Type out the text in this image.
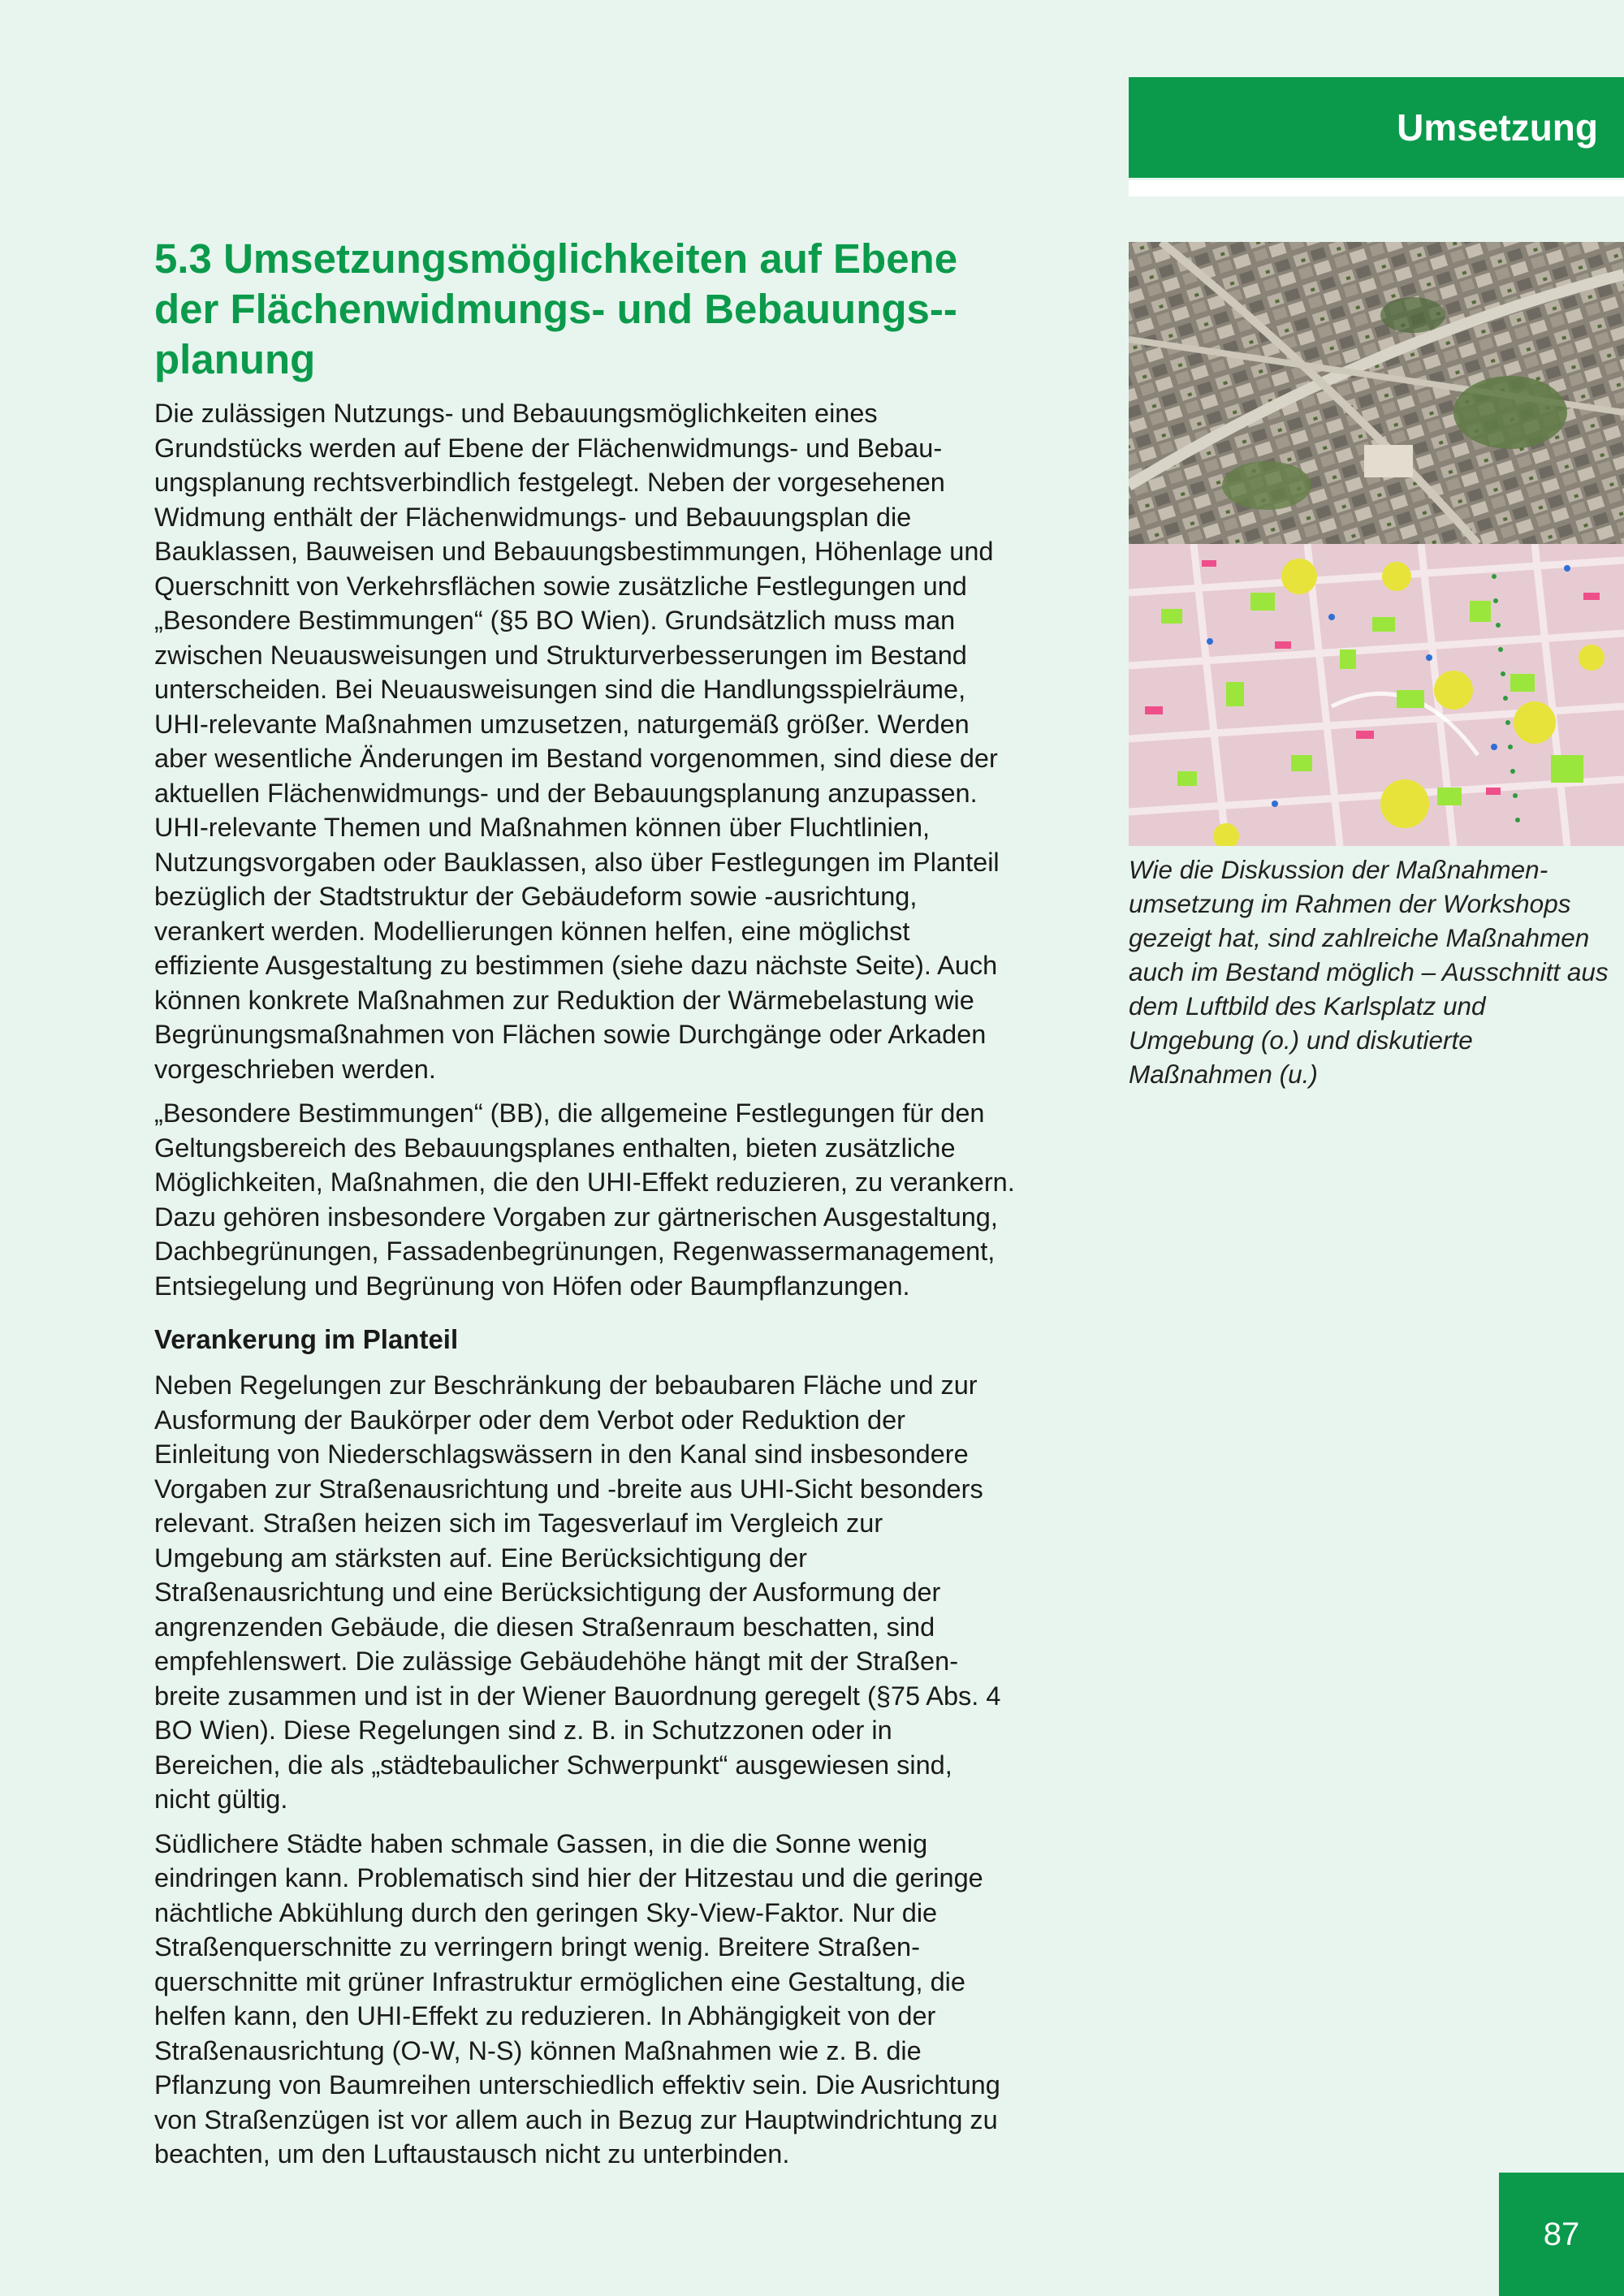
Umsetzung
5.3 Umsetzungsmöglichkeiten auf Ebene der Flächenwidmungs- und Bebauungs-planung

Die zulässigen Nutzungs- und Bebauungsmöglichkeiten eines Grundstücks werden auf Ebene der Flächenwidmungs- und Bebauungsplanung rechtsverbindlich festgelegt. Neben der vorgesehenen Widmung enthält der Flächenwidmungs- und Bebauungsplan die Bauklassen, Bauweisen und Bebauungsbestimmungen, Höhenlage und Querschnitt von Verkehrsflächen sowie zusätzliche Festlegungen und „Besondere Bestimmungen“ (§5 BO Wien). Grundsätzlich muss man zwischen Neuausweisungen und Strukturverbesserungen im Bestand unterscheiden. Bei Neuausweisungen sind die Handlungsspielräume, UHI-relevante Maßnahmen umzusetzen, naturgemäß größer. Werden aber wesentliche Änderungen im Bestand vorgenommen, sind diese der aktuellen Flächenwidmungs- und der Bebauungsplanung anzupassen. UHI-relevante Themen und Maßnahmen können über Fluchtlinien, Nutzungsvorgaben oder Bauklassen, also über Festlegungen im Planteil bezüglich der Stadtstruktur der Gebäudeform sowie -ausrichtung, verankert werden. Modellierungen können helfen, eine möglichst effiziente Ausgestaltung zu bestimmen (siehe dazu nächste Seite). Auch können konkrete Maßnahmen zur Reduktion der Wärmebelastung wie Begrünungsmaßnahmen von Flächen sowie Durchgänge oder Arkaden vorgeschrieben werden.

„Besondere Bestimmungen“ (BB), die allgemeine Festlegungen für den Geltungsbereich des Bebauungsplanes enthalten, bieten zusätzliche Möglichkeiten, Maßnahmen, die den UHI-Effekt reduzieren, zu verankern. Dazu gehören insbesondere Vorgaben zur gärtnerischen Ausgestaltung, Dachbegrünungen, Fassadenbegrünungen, Regenwassermanagement, Entsiegelung und Begrünung von Höfen oder Baumpflanzungen.

Verankerung im Planteil

Neben Regelungen zur Beschränkung der bebaubaren Fläche und zur Ausformung der Baukörper oder dem Verbot oder Reduktion der Einleitung von Niederschlagswässern in den Kanal sind insbesondere Vorgaben zur Straßenausrichtung und -breite aus UHI-Sicht besonders relevant. Straßen heizen sich im Tagesverlauf im Vergleich zur Umgebung am stärksten auf. Eine Berücksichtigung der Straßenausrichtung und eine Berücksichtigung der Ausformung der angrenzenden Gebäude, die diesen Straßenraum beschatten, sind empfehlenswert. Die zulässige Gebäudehöhe hängt mit der Straßenbreite zusammen und ist in der Wiener Bauordnung geregelt (§75 Abs. 4 BO Wien). Diese Regelungen sind z. B. in Schutzzonen oder in Bereichen, die als „städtebaulicher Schwerpunkt“ ausgewiesen sind, nicht gültig.

Südlichere Städte haben schmale Gassen, in die die Sonne wenig eindringen kann. Problematisch sind hier der Hitzestau und die geringe nächtliche Abkühlung durch den geringen Sky-View-Faktor. Nur die Straßenquerschnitte zu verringern bringt wenig. Breitere Straßenquerschnitte mit grüner Infrastruktur ermöglichen eine Gestaltung, die helfen kann, den UHI-Effekt zu reduzieren. In Abhängigkeit von der Straßenausrichtung (O-W, N-S) können Maßnahmen wie z. B. die Pflanzung von Baumreihen unterschiedlich effektiv sein. Die Ausrichtung von Straßenzügen ist vor allem auch in Bezug zur Hauptwindrichtung zu beachten, um den Luftaustausch nicht zu unterbinden.

Wie die Diskussion der Maßnahmenumsetzung im Rahmen der Workshops gezeigt hat, sind zahlreiche Maßnahmen auch im Bestand möglich – Ausschnitt aus dem Luftbild des Karlsplatz und Umgebung (o.) und diskutierte Maßnahmen (u.)
87
